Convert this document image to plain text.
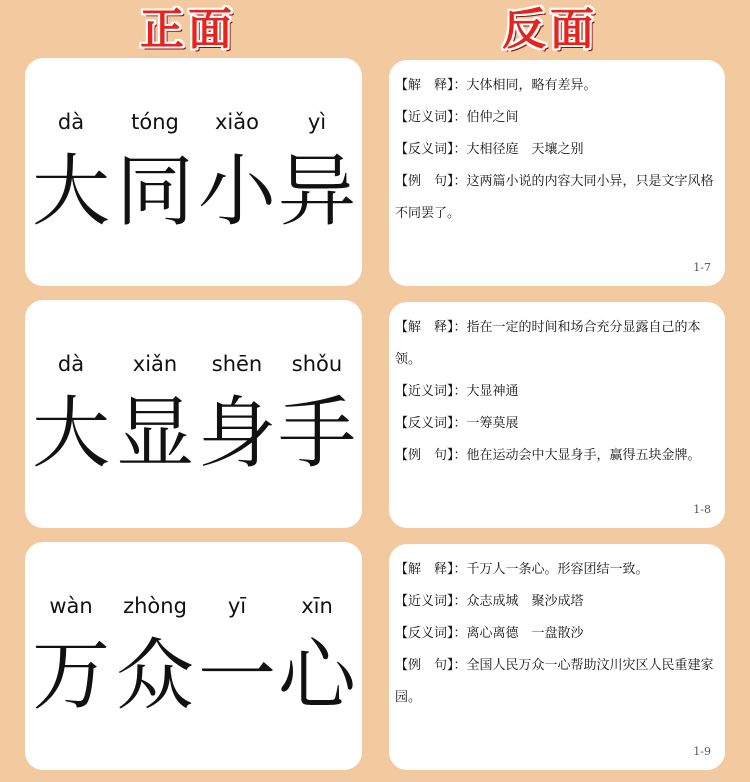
正面	反面
dà	tóng	xiǎo	yì
大 同 小 异
dà	xiǎn	shēn	shǒu
大 显 身 手
wàn	zhòng	yī	xīn
万 众 一 心
【解　释】：大体相同，略有差异。
【近义词】：伯仲之间
【反义词】：大相径庭　天壤之别
【例　句】：这两篇小说的内容大同小异，只是文字风格不同罢了。
1-7
【解　释】：指在一定的时间和场合充分显露自己的本领。
【近义词】：大显神通
【反义词】：一筹莫展
【例　句】：他在运动会中大显身手，赢得五块金牌。
1-8
【解　释】：千万人一条心。形容团结一致。
【近义词】：众志成城　聚沙成塔
【反义词】：离心离德　一盘散沙
【例　句】：全国人民万众一心帮助汶川灾区人民重建家园。
1-9
